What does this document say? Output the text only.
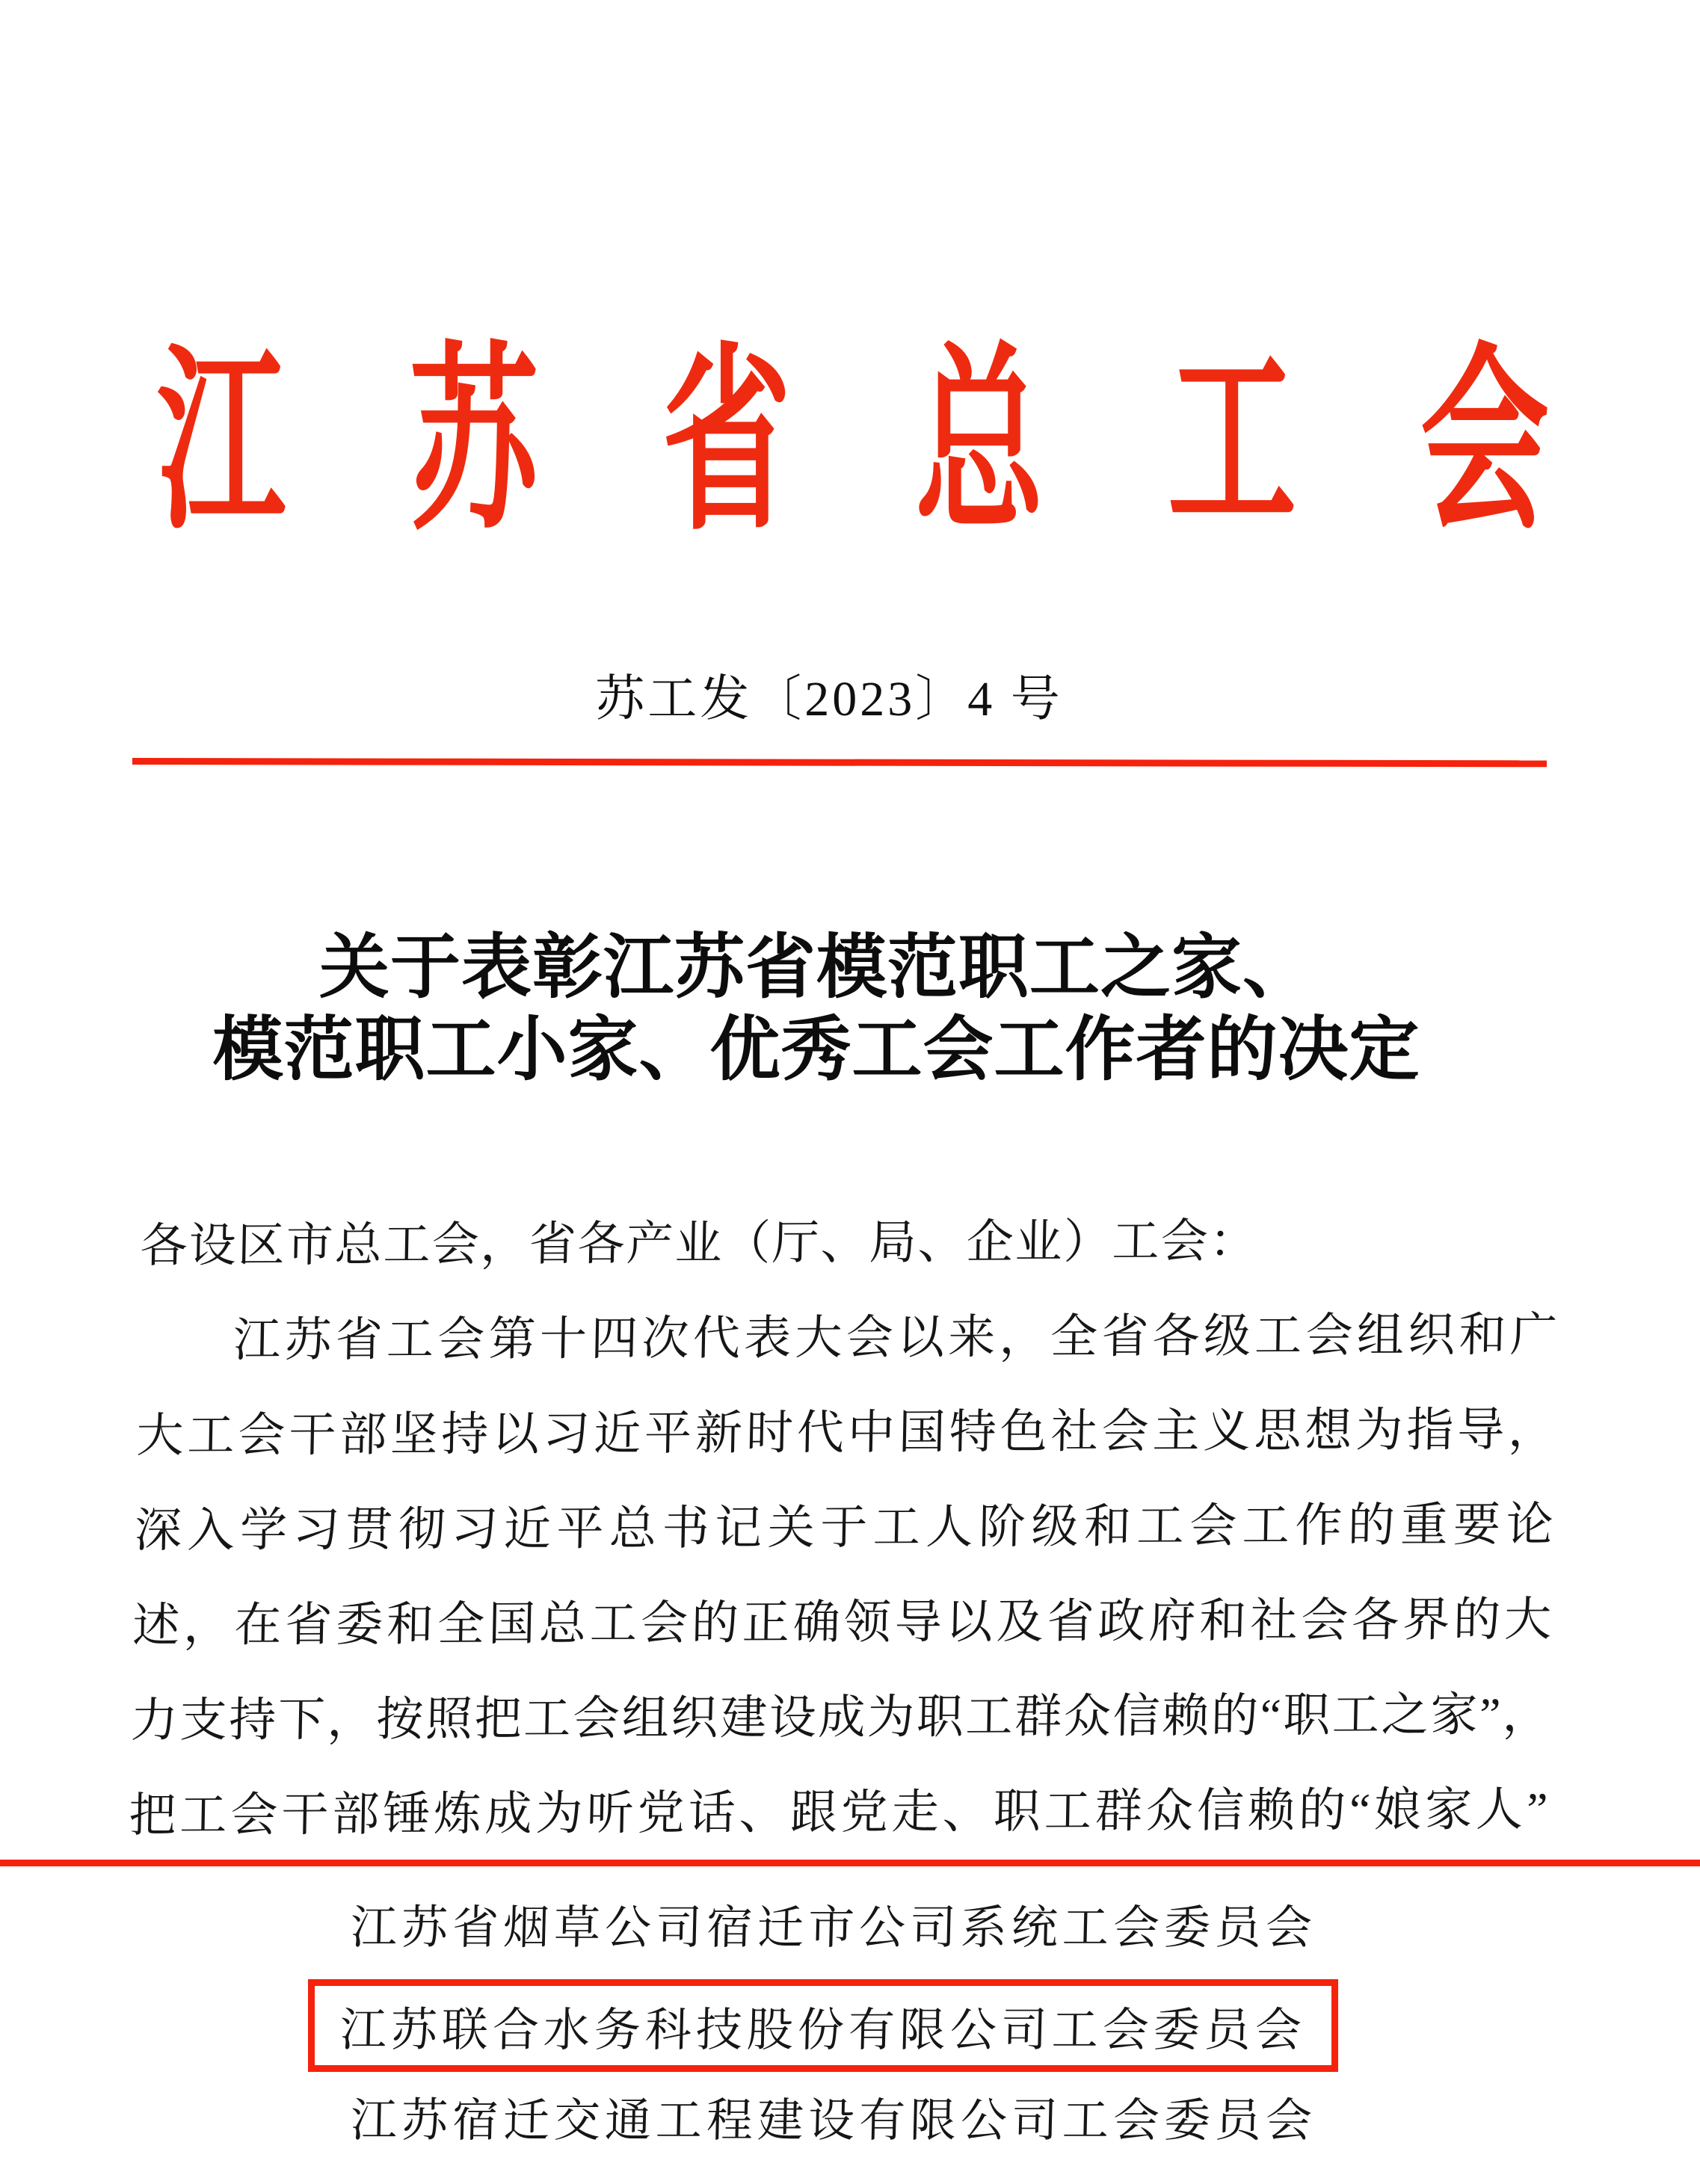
江 苏 省 总 工 会
苏工发〔2023〕4 号
关于表彰江苏省模范职工之家、
模范职工小家、优秀工会工作者的决定
各设区市总工会，省各产业（厅、局、企业）工会：
江 苏 省 工 会 第 十 四 次 代 表 大 会 以 来 ， 全 省 各 级 工 会 组 织 和 广
大 工 会 干 部 坚 持 以 习 近 平 新 时 代 中 国 特 色 社 会 主 义 思 想 为 指 导 ，
深 入 学 习 贯 彻 习 近 平 总 书 记 关 于 工 人 阶 级 和 工 会 工 作 的 重 要 论
述 ， 在 省 委 和 全 国 总 工 会 的 正 确 领 导 以 及 省 政 府 和 社 会 各 界 的 大
力 支 持 下 ， 按 照 把 工 会 组 织 建 设 成 为 职 工 群 众 信 赖 的 “ 职 工 之 家 ” ，
把 工 会 干 部 锤 炼 成 为 听 党 话 、 跟 党 走 、 职 工 群 众 信 赖 的 “ 娘 家 人 ”
江苏省烟草公司宿迁市公司系统工会委员会
江苏联合水务科技股份有限公司工会委员会
江苏宿迁交通工程建设有限公司工会委员会
